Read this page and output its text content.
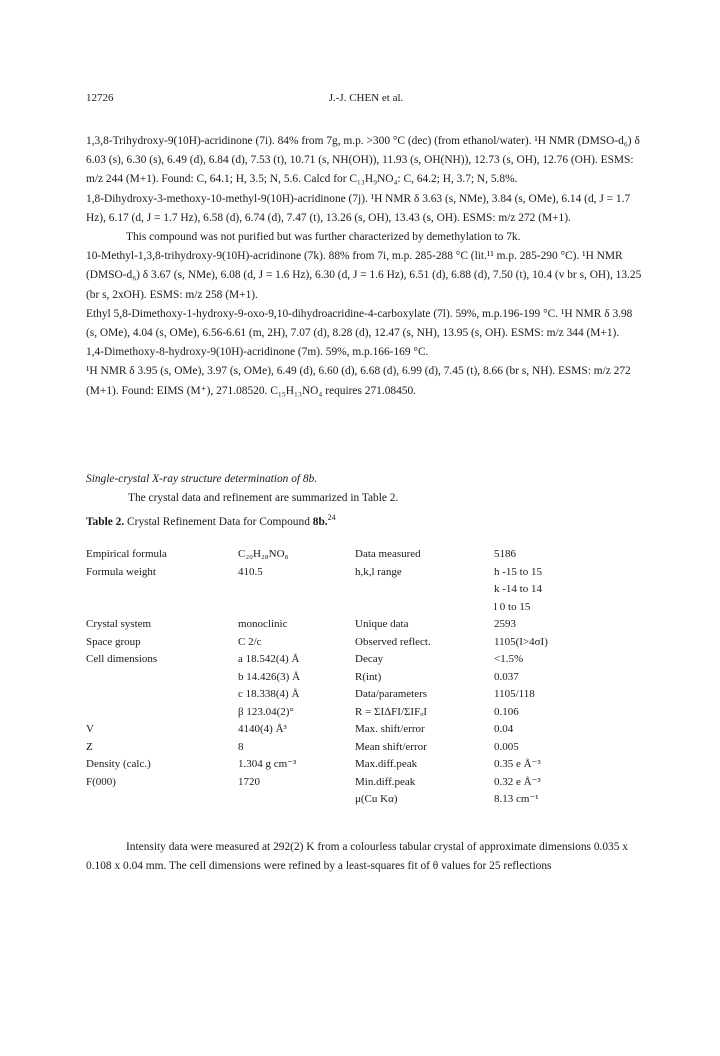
12726	J.-J. CHEN et al.

1,3,8-Trihydroxy-9(10H)-acridinone (7i). 84% from 7g, m.p. >300 °C (dec) (from ethanol/water). ¹H NMR (DMSO-d₆) δ 6.03 (s), 6.30 (s), 6.49 (d), 6.84 (d), 7.53 (t), 10.71 (s, NH(OH)), 11.93 (s, OH(NH)), 12.73 (s, OH), 12.76 (OH). ESMS: m/z 244 (M+1). Found: C, 64.1; H, 3.5; N, 5.6. Calcd for C₁₃H₉NO₄: C, 64.2; H, 3.7; N, 5.8%.

1,8-Dihydroxy-3-methoxy-10-methyl-9(10H)-acridinone (7j). ¹H NMR δ 3.63 (s, NMe), 3.84 (s, OMe), 6.14 (d, J = 1.7 Hz), 6.17 (d, J = 1.7 Hz), 6.58 (d), 6.74 (d), 7.47 (t), 13.26 (s, OH), 13.43 (s, OH). ESMS: m/z 272 (M+1).

This compound was not purified but was further characterized by demethylation to 7k.

10-Methyl-1,3,8-trihydroxy-9(10H)-acridinone (7k). 88% from 7i, m.p. 285-288 °C (lit.¹¹ m.p. 285-290 °C). ¹H NMR (DMSO-d₆) δ 3.67 (s, NMe), 6.08 (d, J = 1.6 Hz), 6.30 (d, J = 1.6 Hz), 6.51 (d), 6.88 (d), 7.50 (t), 10.4 (v br s, OH), 13.25 (br s, 2xOH). ESMS: m/z 258 (M+1).

Ethyl 5,8-Dimethoxy-1-hydroxy-9-oxo-9,10-dihydroacridine-4-carboxylate (7l). 59%, m.p.196-199 °C. ¹H NMR δ 3.98 (s, OMe), 4.04 (s, OMe), 6.56-6.61 (m, 2H), 7.07 (d), 8.28 (d), 12.47 (s, NH), 13.95 (s, OH). ESMS: m/z 344 (M+1).

1,4-Dimethoxy-8-hydroxy-9(10H)-acridinone (7m). 59%, m.p.166-169 °C.

¹H NMR δ 3.95 (s, OMe), 3.97 (s, OMe), 6.49 (d), 6.60 (d), 6.68 (d), 6.99 (d), 7.45 (t), 8.66 (br s, NH). ESMS: m/z 272 (M+1). Found: EIMS (M⁺), 271.08520. C₁₅H₁₃NO₄ requires 271.08450.

Single-crystal X-ray structure determination of 8b.
The crystal data and refinement are summarized in Table 2.
Table 2. Crystal Refinement Data for Compound 8b.$^{24}$
Empirical formula	C₂₀H₂₈NO₈	Data measured	5186
Formula weight	410.5	h,k,l range	h -15 to 15
			k -14 to 14
			l 0 to 15
Crystal system	monoclinic	Unique data	2593
Space group	C 2/c	Observed reflect.	1105(I>4σI)
Cell dimensions	a 18.542(4) Å	Decay	<1.5%
	b 14.426(3) Å	R(int)	0.037
	c 18.338(4) Å	Data/parameters	1105/118
	β 123.04(2)°	R = ΣΙΔFΙ/ΣΙFₒΙ	0.106
V	4140(4) Å³	Max. shift/error	0.04
Z	8	Mean shift/error	0.005
Density (calc.)	1.304 g cm⁻³	Max.diff.peak	0.35 e Å⁻³
F(000)	1720	Min.diff.peak	0.32 e Å⁻³
		μ(Cu Kα)	8.13 cm⁻¹

Intensity data were measured at 292(2) K from a colourless tabular crystal of approximate dimensions 0.035 x 0.108 x 0.04 mm. The cell dimensions were refined by a least-squares fit of θ values for 25 reflections
